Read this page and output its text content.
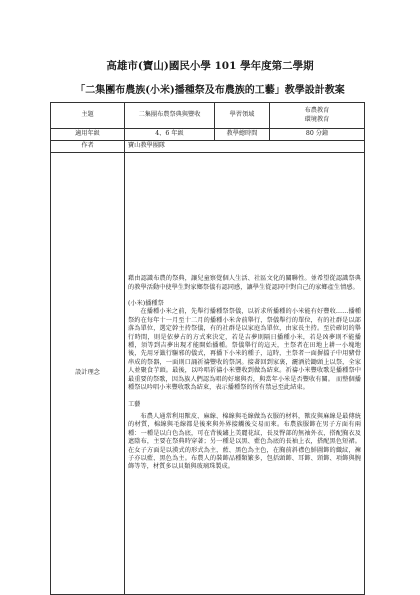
高雄市(寶山)國民小學 101 學年度第二學期
「二集團布農族(小米)播種祭及布農族的工藝」教學設計教案
主題	二集團布農祭典與豐收	學習領域	布農教育
環境教育

適用年級	4、6 年級	教學總時間	80 分鐘
作者	寶山教學團隊		
設計理念	藉由認識布農的祭典，讓兒童察覺個人生活、社區文化的關聯性。並希望從認識祭典的教學活動中使學生對家鄉祭儀有認同感，讓學生從認同中對自己的家鄉產生情感。

(小米)播種祭

在播種小米之前，先舉行播種祭祭儀，以祈求所播種的小米能有好豐收……播種祭約在每年十一月至十二月的播種小米舍前舉行，祭儀舉行的單位，有的社群是以部落為單位，選定幹主持祭儀，有的社群是以家庭為單位，由家長主持。至於確切的舉行時間，則是依夢占的方式來決定，若是吉夢則隔日播種小米，若是凶夢則不能播種，須等到吉夢出現才能開始播種。祭儀舉行的這天，主祭者在田地上耕一小塊地後，先用牙籤行驅邪的儀式，再播下小米的種子，這時，主祭者一面摒擋子中用豬骨串成的祭器，一面則口誦祈禱豐收的祭詞。接著回到家裏，灑酒於鋤頭上以祭，全家人並聚食芋頭。最後，以吟唱祈禱小米豐收到做為結束。祈禱小米豐收歌是播種祭中最重要的祭歌，因為族人們認為唱的好壞與否，與當年小米是否豐收有關。 而整個播種祭以吟唱小米豐收歌為結束，表示播種祭的所有禁忌至此結束。

工藝

布農人通常利用獸皮、麻線、棉線與毛線做為衣服的材料，獸皮與麻線是最傳統的材質，棉線與毛線都是後來與外界接觸後交易而來。布農族服飾在男子方面有兩種：一種是以白色為底，可在背後繡上美麗花紋，長及臀部的無袖外衣，搭配胸衣及遮陰布，主要在祭典時穿著；另一種是以黑、藍色為底的長袖上衣，搭配黑色短裙。在女子方面是以漢式的形式為主，藍、黑色為主色，在胸前斜襟色鮮圖飾的織紋，褲子亦以藍、黑色為主。布農人的裝飾品種類繁多，包括頭飾、耳飾、頸飾、項飾與腕飾等等，材質多以貝類與玻璃珠製成。		
